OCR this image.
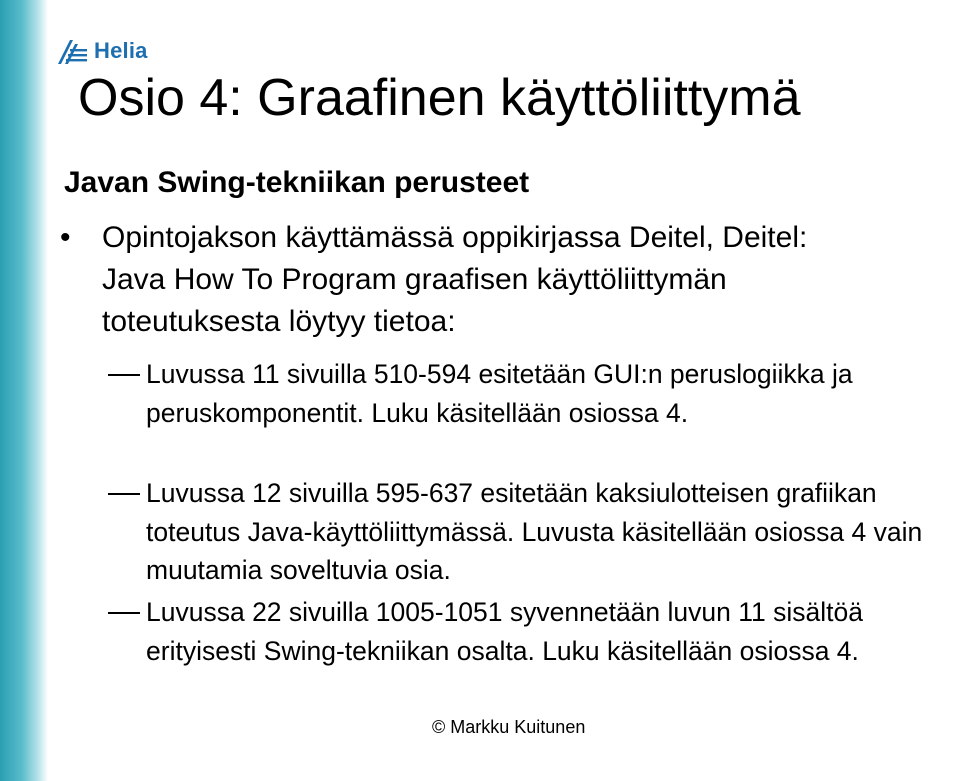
Helia
Osio 4: Graafinen käyttöliittymä
Javan Swing-tekniikan perusteet
• Opintojakson käyttämässä oppikirjassa Deitel, Deitel: Java How To Program graafisen käyttöliittymän toteutuksesta löytyy tietoa:
Luvussa 11 sivuilla 510-594 esitetään GUI:n peruslogiikka ja peruskomponentit. Luku käsitellään osiossa 4.
Luvussa 12 sivuilla 595-637 esitetään kaksiulotteisen grafiikan toteutus Java-käyttöliittymässä. Luvusta käsitellään osiossa 4 vain muutamia soveltuvia osia.
Luvussa 22 sivuilla 1005-1051 syvennetään luvun 11 sisältöä erityisesti Swing-tekniikan osalta. Luku käsitellään osiossa 4.
© Markku Kuitunen
